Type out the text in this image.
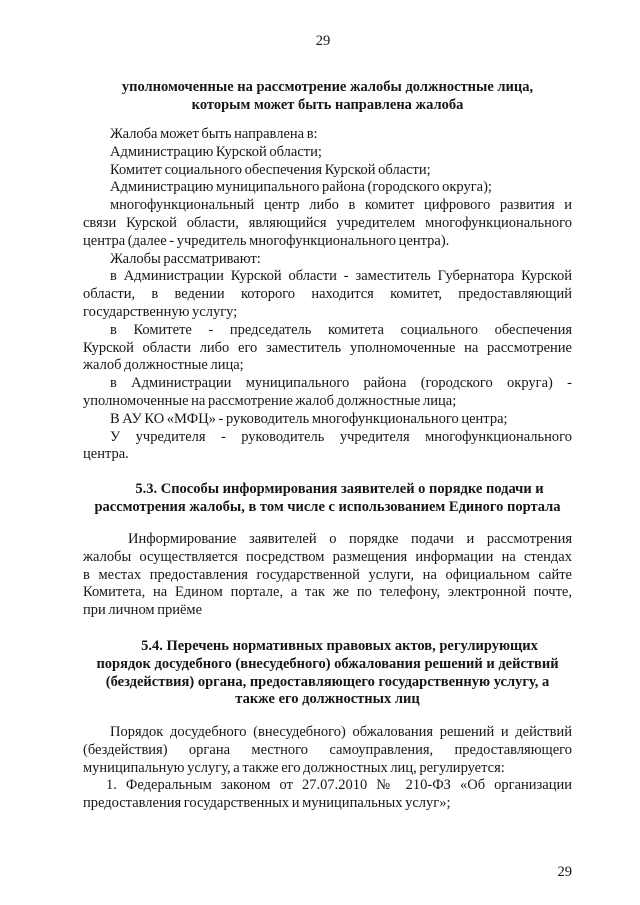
29
уполномоченные на рассмотрение жалобы должностные лица,
которым может быть направлена жалоба
Жалоба может быть направлена в:
Администрацию Курской области;
Комитет социального обеспечения Курской области;
Администрацию муниципального района (городского округа);
многофункциональный центр либо в комитет цифрового развития и
связи Курской области, являющийся учредителем многофункционального
центра (далее - учредитель многофункционального центра).
Жалобы рассматривают:
в Администрации Курской области - заместитель Губернатора Курской
области, в ведении которого находится комитет, предоставляющий
государственную услугу;
в Комитете - председатель комитета социального обеспечения
Курской области либо его заместитель уполномоченные на рассмотрение
жалоб должностные лица;
в Администрации муниципального района (городского округа) -
уполномоченные на рассмотрение жалоб должностные лица;
В АУ КО «МФЦ» - руководитель многофункционального центра;
У учредителя - руководитель учредителя многофункционального
центра.
5.3. Способы информирования заявителей о порядке подачи и
рассмотрения жалобы, в том числе с использованием Единого портала
Информирование заявителей о порядке подачи и рассмотрения
жалобы осуществляется посредством размещения информации на стендах
в местах предоставления государственной услуги, на официальном сайте
Комитета, на Едином портале, а так же по телефону, электронной почте,
при личном приёме
5.4. Перечень нормативных правовых актов, регулирующих
порядок досудебного (внесудебного) обжалования решений и действий
(бездействия) органа, предоставляющего государственную услугу, а
также его должностных лиц
Порядок досудебного (внесудебного) обжалования решений и действий
(бездействия) органа местного самоуправления, предоставляющего
муниципальную услугу, а также его должностных лиц, регулируется:
1. Федеральным законом от 27.07.2010 № 210-ФЗ «Об организации
предоставления государственных и муниципальных услуг»;
29
